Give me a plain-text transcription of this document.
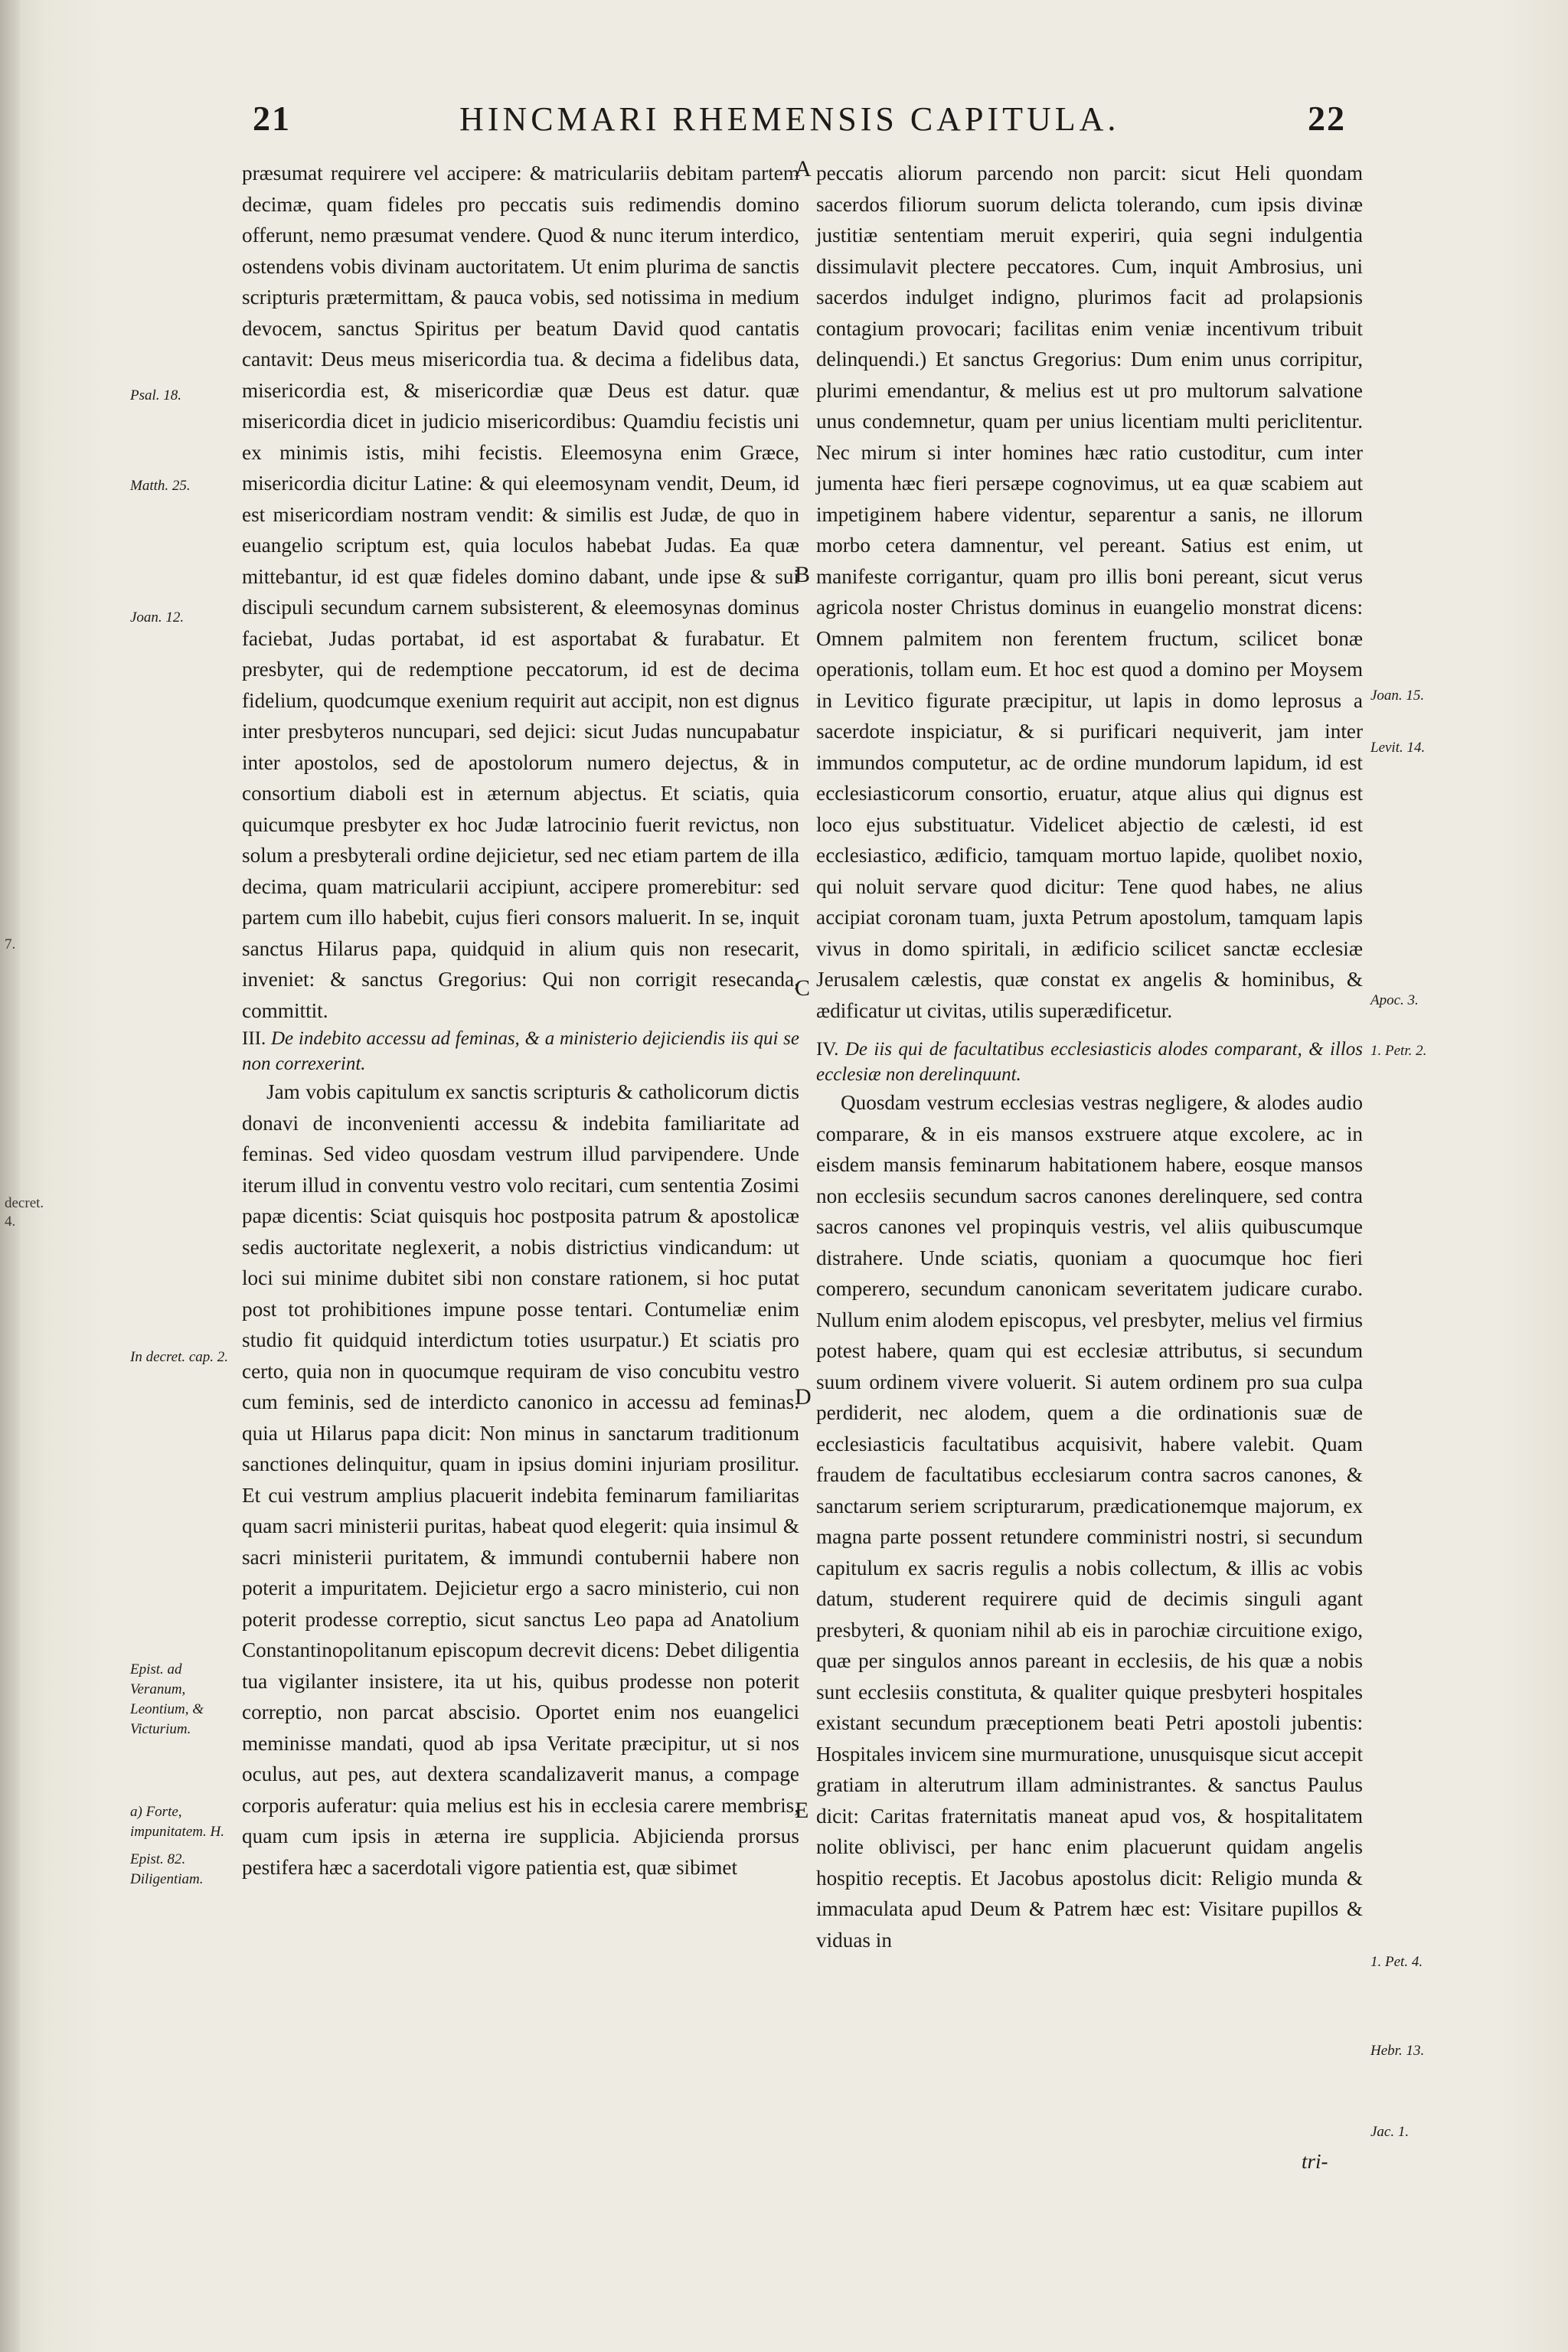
21	HINCMARI RHEMENSIS CAPITULA.	22

præsumat requirere vel accipere: & matriculariis debitam partem decimæ, quam fideles pro peccatis suis redimendis domino offerunt, nemo præsumat vendere. Quod & nunc iterum interdico, ostendens vobis divinam auctoritatem. Ut enim plurima de sanctis scripturis prætermittam, & pauca vobis, sed notissima in medium devocem, sanctus Spiritus per beatum David quod cantatis cantavit: Deus meus misericordia tua. & decima a fidelibus data, misericordia est, & misericordiæ quæ Deus est datur. quæ misericordia dicet in judicio misericordibus: Quamdiu fecistis uni ex minimis istis, mihi fecistis. Eleemosyna enim Græce, misericordia dicitur Latine: & qui eleemosynam vendit, Deum, id est misericordiam nostram vendit: & similis est Judæ, de quo in euangelio scriptum est, quia loculos habebat Judas. Ea quæ mittebantur, id est quæ fideles domino dabant, unde ipse & sui discipuli secundum carnem subsisterent, & eleemosynas dominus faciebat, Judas portabat, id est asportabat & furabatur. Et presbyter, qui de redemptione peccatorum, id est de decima fidelium, quodcumque exenium requirit aut accipit, non est dignus inter presbyteros nuncupari, sed dejici: sicut Judas nuncupabatur inter apostolos, sed de apostolorum numero dejectus, & in consortium diaboli est in æternum abjectus. Et sciatis, quia quicumque presbyter ex hoc Judæ latrocinio fuerit revictus, non solum a presbyterali ordine dejicietur, sed nec etiam partem de illa decima, quam matricularii accipiunt, accipere promerebitur: sed partem cum illo habebit, cujus fieri consors maluerit. In se, inquit sanctus Hilarus papa, quidquid in alium quis non resecarit, inveniet: & sanctus Gregorius: Qui non corrigit resecanda, committit.

III. De indebito accessu ad feminas, & a ministerio dejiciendis iis qui se non correxerint.

Jam vobis capitulum ex sanctis scripturis & catholicorum dictis donavi de inconvenienti accessu & indebita familiaritate ad feminas. Sed video quosdam vestrum illud parvipendere. Unde iterum illud in conventu vestro volo recitari, cum sententia Zosimi papæ dicentis: Sciat quisquis hoc postposita patrum & apostolicæ sedis auctoritate neglexerit, a nobis districtius vindicandum: ut loci sui minime dubitet sibi non constare rationem, si hoc putat post tot prohibitiones impune posse tentari. Contumeliæ enim studio fit quidquid interdictum toties usurpatur.) Et sciatis pro certo, quia non in quocumque requiram de viso concubitu vestro cum feminis, sed de interdicto canonico in accessu ad feminas. quia ut Hilarus papa dicit: Non minus in sanctarum traditionum sanctiones delinquitur, quam in ipsius domini injuriam prosilitur. Et cui vestrum amplius placuerit indebita feminarum familiaritas quam sacri ministerii puritas, habeat quod elegerit: quia insimul & sacri ministerii puritatem, & immundi contubernii habere non poterit a impuritatem. Dejicietur ergo a sacro ministerio, cui non poterit prodesse correptio, sicut sanctus Leo papa ad Anatolium Constantinopolitanum episcopum decrevit dicens: Debet diligentia tua vigilanter insistere, ita ut his, quibus prodesse non poterit correptio, non parcat abscisio. Oportet enim nos euangelici meminisse mandati, quod ab ipsa Veritate præcipitur, ut si nos oculus, aut pes, aut dextera scandalizaverit manus, a compage corporis auferatur: quia melius est his in ecclesia carere membris, quam cum ipsis in æterna ire supplicia. Abjicienda prorsus pestifera hæc a sacerdotali vigore patientia est, quæ sibimet

peccatis aliorum parcendo non parcit: sicut Heli quondam sacerdos filiorum suorum delicta tolerando, cum ipsis divinæ justitiæ sententiam meruit experiri, quia segni indulgentia dissimulavit plectere peccatores. Cum, inquit Ambrosius, uni sacerdos indulget indigno, plurimos facit ad prolapsionis contagium provocari; facilitas enim veniæ incentivum tribuit delinquendi.) Et sanctus Gregorius: Dum enim unus corripitur, plurimi emendantur, & melius est ut pro multorum salvatione unus condemnetur, quam per unius licentiam multi periclitentur. Nec mirum si inter homines hæc ratio custoditur, cum inter jumenta hæc fieri persæpe cognovimus, ut ea quæ scabiem aut impetiginem habere videntur, separentur a sanis, ne illorum morbo cetera damnentur, vel pereant. Satius est enim, ut manifeste corrigantur, quam pro illis boni pereant, sicut verus agricola noster Christus dominus in euangelio monstrat dicens: Omnem palmitem non ferentem fructum, scilicet bonæ operationis, tollam eum. Et hoc est quod a domino per Moysem in Levitico figurate præcipitur, ut lapis in domo leprosus a sacerdote inspiciatur, & si purificari nequiverit, jam inter immundos computetur, ac de ordine mundorum lapidum, id est ecclesiasticorum consortio, eruatur, atque alius qui dignus est loco ejus substituatur. Videlicet abjectio de cælesti, id est ecclesiastico, ædificio, tamquam mortuo lapide, quolibet noxio, qui noluit servare quod dicitur: Tene quod habes, ne alius accipiat coronam tuam, juxta Petrum apostolum, tamquam lapis vivus in domo spiritali, in ædificio scilicet sanctæ ecclesiæ Jerusalem cælestis, quæ constat ex angelis & hominibus, & ædificatur ut civitas, utilis superædificetur.

IV. De iis qui de facultatibus ecclesiasticis alodes comparant, & illos ecclesiæ non derelinquunt.

Quosdam vestrum ecclesias vestras negligere, & alodes audio comparare, & in eis mansos exstruere atque excolere, ac in eisdem mansis feminarum habitationem habere, eosque mansos non ecclesiis secundum sacros canones derelinquere, sed contra sacros canones vel propinquis vestris, vel aliis quibuscumque distrahere. Unde sciatis, quoniam a quocumque hoc fieri comperero, secundum canonicam severitatem judicare curabo. Nullum enim alodem episcopus, vel presbyter, melius vel firmius potest habere, quam qui est ecclesiæ attributus, si secundum suum ordinem vivere voluerit. Si autem ordinem pro sua culpa perdiderit, nec alodem, quem a die ordinationis suæ de ecclesiasticis facultatibus acquisivit, habere valebit. Quam fraudem de facultatibus ecclesiarum contra sacros canones, & sanctarum seriem scripturarum, prædicationemque majorum, ex magna parte possent retundere comministri nostri, si secundum capitulum ex sacris regulis a nobis collectum, & illis ac vobis datum, studerent requirere quid de decimis singuli agant presbyteri, & quoniam nihil ab eis in parochiæ circuitione exigo, quæ per singulos annos pareant in ecclesiis, de his quæ a nobis sunt ecclesiis constituta, & qualiter quique presbyteri hospitales existant secundum præceptionem beati Petri apostoli jubentis: Hospitales invicem sine murmuratione, unusquisque sicut accepit gratiam in alterutrum illam administrantes. & sanctus Paulus dicit: Caritas fraternitatis maneat apud vos, & hospitalitatem nolite oblivisci, per hanc enim placuerunt quidam angelis hospitio receptis. Et Jacobus apostolus dicit: Religio munda & immaculata apud Deum & Patrem hæc est: Visitare pupillos & viduas in

A
B
C
D
E
Psal. 18.
Matth. 25.
Joan. 12.
In decret. cap. 2.
Epist. ad Veranum, Leontium, & Victurium.
a) Forte, impunitatem. H.
Epist. 82. Diligentiam.
Joan. 15.
Levit. 14.
Apoc. 3.
1. Petr. 2.
1. Pet. 4.
Hebr. 13.
Jac. 1.
7.
decret. 4.
tri-
